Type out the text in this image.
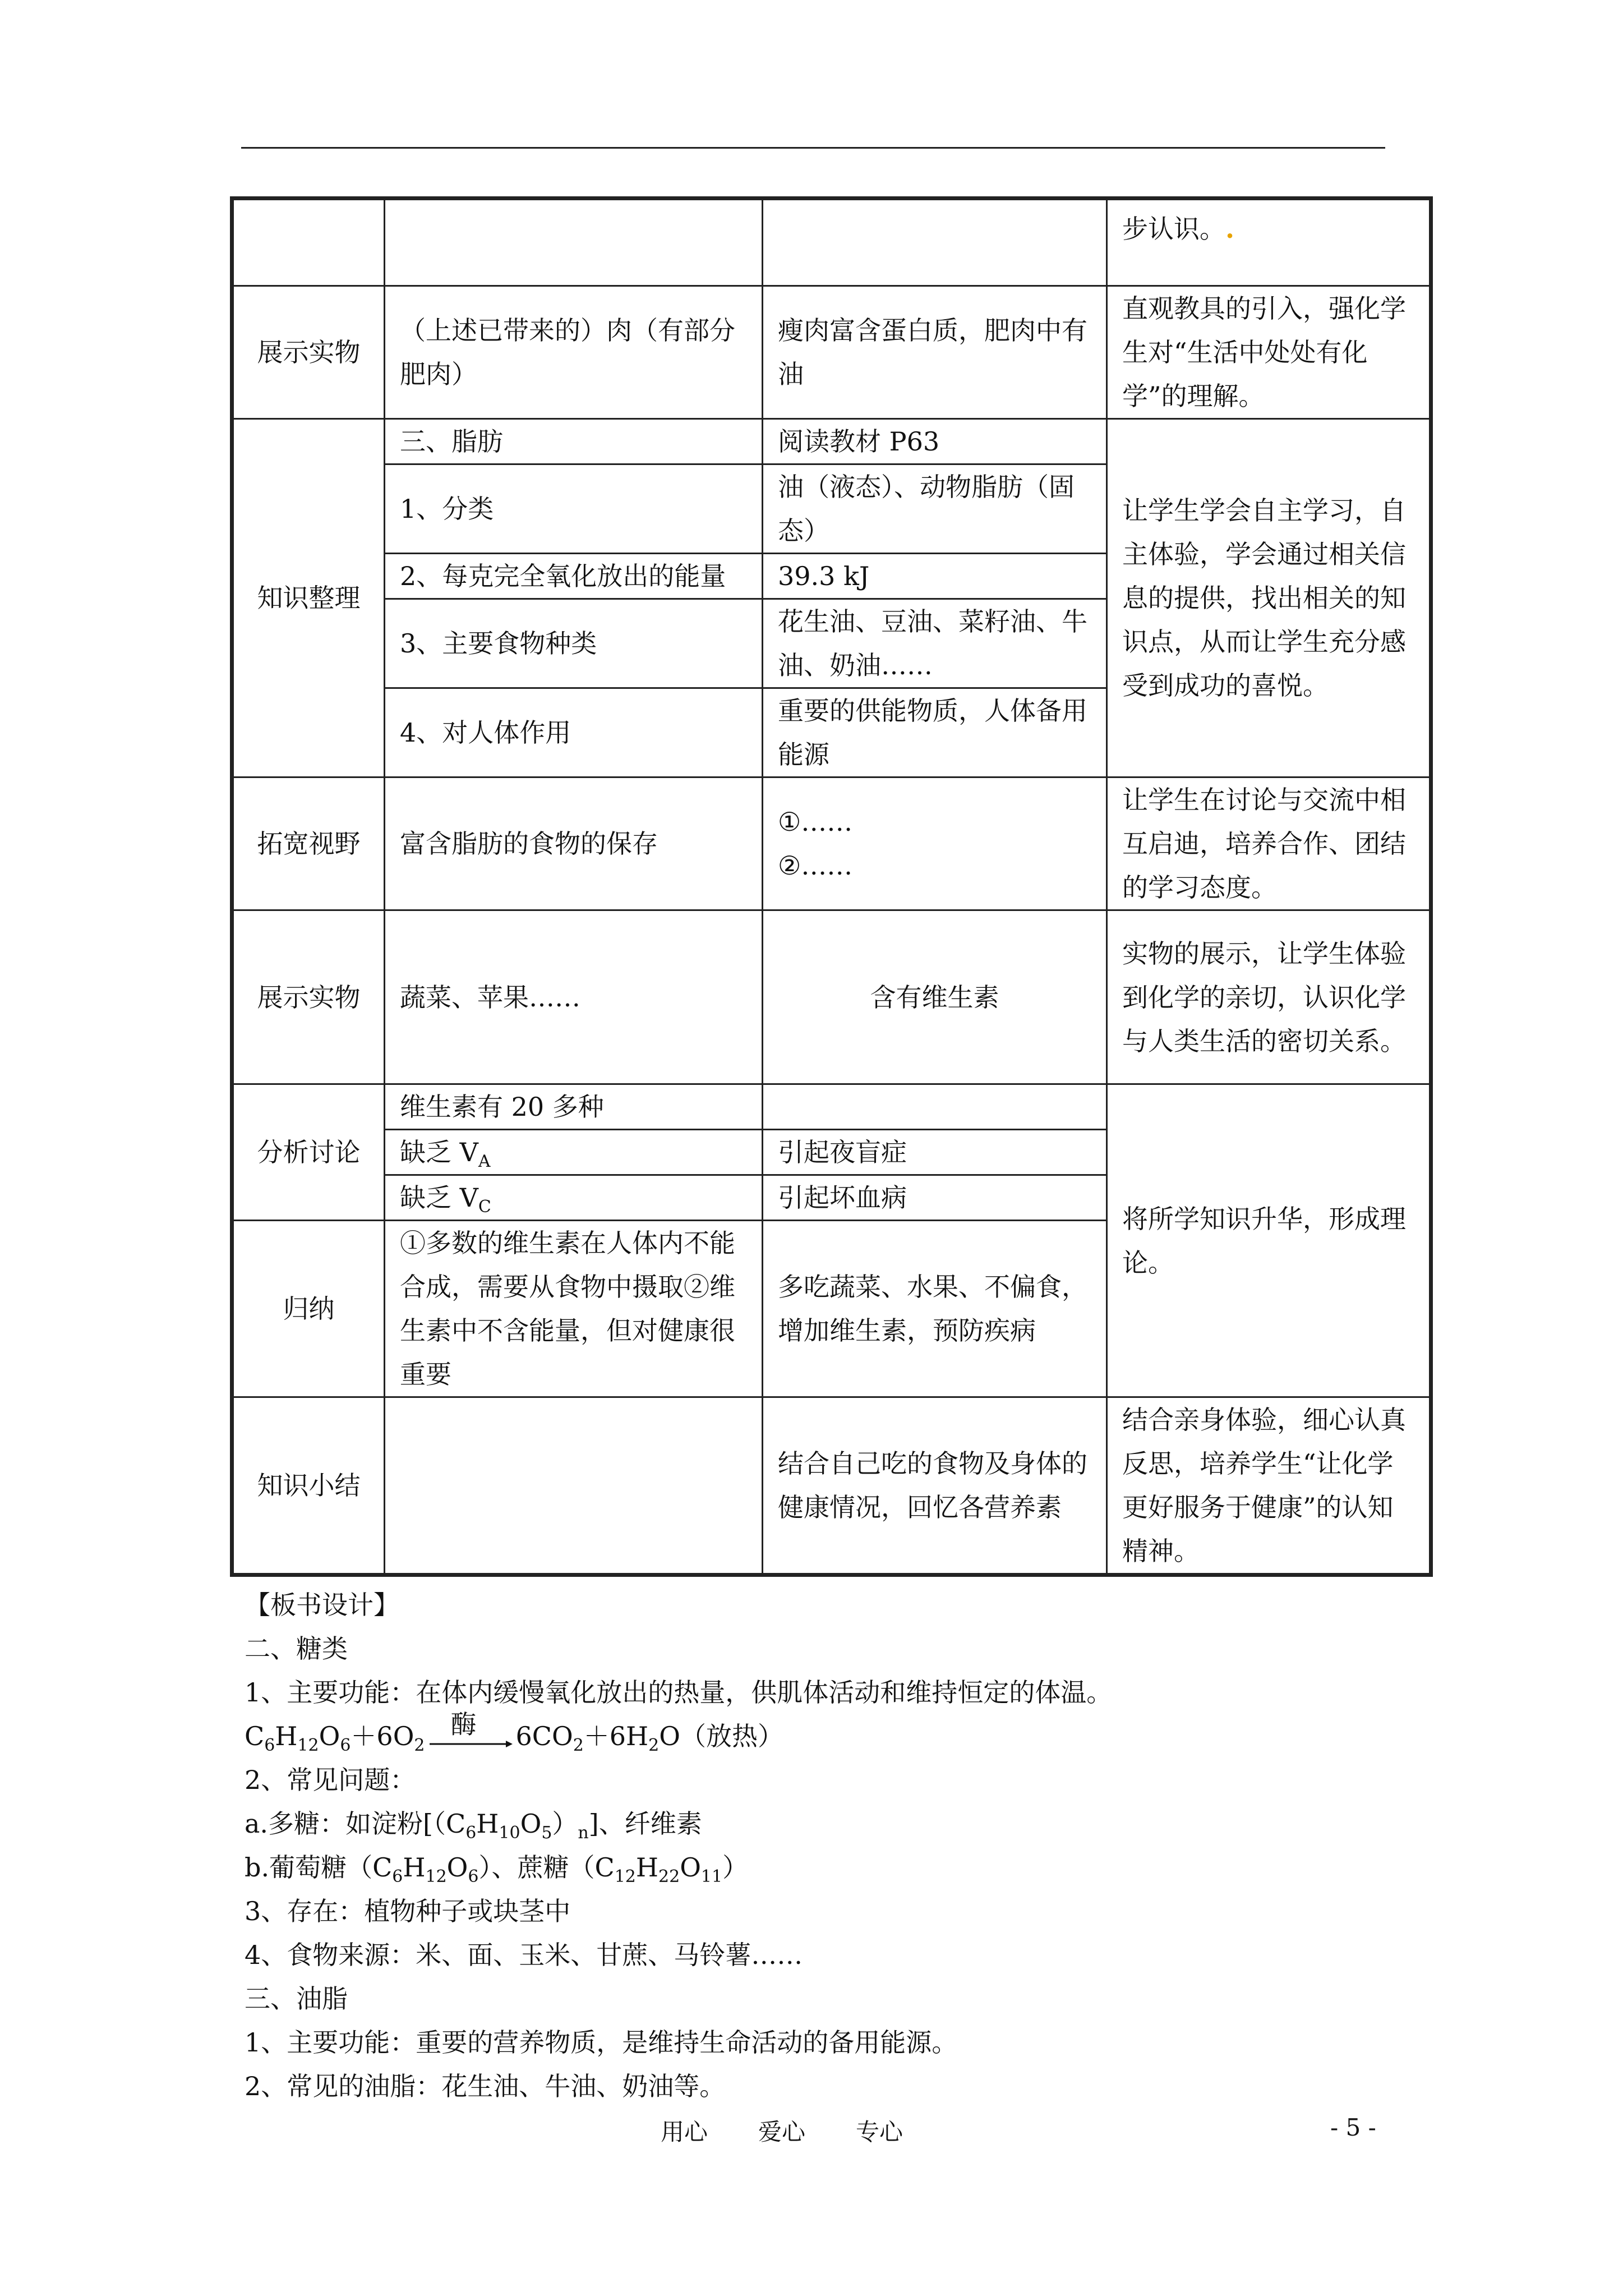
			步认识。.
展示实物	（上述已带来的）肉（有部分肥肉）	瘦肉富含蛋白质，肥肉中有油	直观教具的引入，强化学生对“生活中处处有化学”的理解。
知识整理	三、脂肪	阅读教材 P63	让学生学会自主学习，自主体验，学会通过相关信息的提供，找出相关的知识点，从而让学生充分感受到成功的喜悦。
	1、分类	油（液态）、动物脂肪（固态）	
	2、每克完全氧化放出的能量	39.3 kJ	
	3、主要食物种类	花生油、豆油、菜籽油、牛油、奶油……	
	4、对人体作用	重要的供能物质，人体备用能源	
拓宽视野	富含脂肪的食物的保存	①……
②……	让学生在讨论与交流中相互启迪，培养合作、团结的学习态度。
展示实物	蔬菜、苹果……	含有维生素	实物的展示，让学生体验到化学的亲切，认识化学与人类生活的密切关系。
分析讨论	维生素有 20 多种		将所学知识升华，形成理论。
	缺乏 $V_A$	引起夜盲症	
	缺乏 $V_C$	引起坏血病	
归纳	①多数的维生素在人体内不能合成，需要从食物中摄取②维生素中不含能量，但对健康很重要	多吃蔬菜、水果、不偏食，增加维生素，预防疾病	
知识小结		结合自己吃的食物及身体的健康情况，回忆各营养素	结合亲身体验，细心认真反思，培养学生“让化学更好服务于健康”的认知精神。
【板书设计】
二、糖类
1、主要功能：在体内缓慢氧化放出的热量，供肌体活动和维持恒定的体温。
$C_6H_{12}O_6+6O_2$
酶 $6CO_2+6H_2O$（放热）
2、常见问题：
a.多糖：如淀粉$[(C_6H_{10}O_5)_n]$、纤维素
b.葡萄糖$(C_6H_{12}O_6)$、蔗糖$(C_{12}H_{22}O_{11})$
3、存在：植物种子或块茎中
4、食物来源：米、面、玉米、甘蔗、马铃薯……
三、油脂
1、主要功能：重要的营养物质，是维持生命活动的备用能源。
2、常见的油脂：花生油、牛油、奶油等。
用心 爱心 专心	- 5 -
